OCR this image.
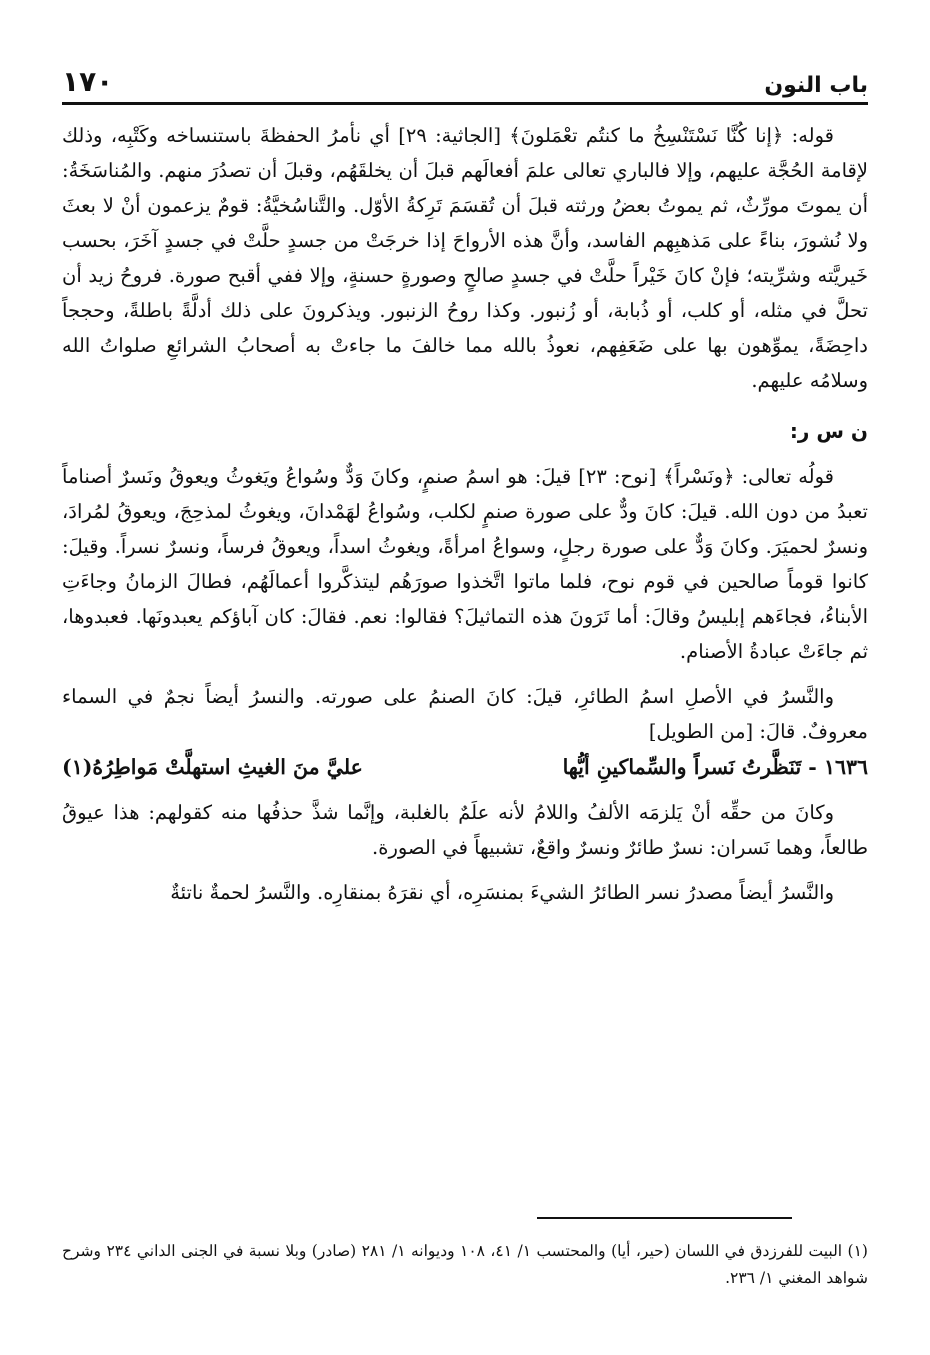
باب النون
١٧٠

قوله: ﴿إنا كُنَّا نَسْتَنْسِخُ ما كنتُم تعْمَلونَ﴾ [الجاثية: ٢٩] أي نأمرُ الحفظةَ باستنساخه وكَتْبِه، وذلك لإقامة الحُجَّة عليهم، وإلا فالباري تعالى علمَ أفعالَهم قبلَ أن يخلقَهُم، وقبلَ أن تصدُرَ منهم. والمُناسَخَةُ: أن يموتَ مورِّثٌ، ثم يموتُ بعضُ ورثته قبلَ أن تُقسَمَ تَرِكةُ الأوّل. والتَّناسُخيَّةُ: قومٌ يزعمون أنْ لا بعثَ ولا نُشورَ، بناءً على مَذهبِهم الفاسد، وأنَّ هذه الأرواحَ إذا خرجَتْ من جسدٍ حلَّتْ في جسدٍ آخَرَ، بحسب خَيريَّته وشرِّيته؛ فإنْ كانَ خَيْراً حلَّتْ في جسدٍ صالحٍ وصورةٍ حسنةٍ، وإلا ففي أقبح صورة. فروحُ زيد أن تحلَّ في مثله، أو كلب، أو ذُبابة، أو زُنبور. وكذا روحُ الزنبور. ويذكرونَ على ذلك أدلَّةً باطلةً، وحججاً داحِضَةً، يموِّهون بها على ضَعَفِهم، نعوذُ بالله مما خالفَ ما جاءتْ به أصحابُ الشرائعِ صلواتُ الله وسلامُه عليهم.

ن س ر:

قولُه تعالى: ﴿ونَسْراً﴾ [نوح: ٢٣] قيلَ: هو اسمُ صنمٍ، وكانَ وَدٌّ وسُواعُ ويَغوثُ ويعوقُ ونَسرٌ أصناماً تعبدُ من دون الله. قيلَ: كانَ ودٌّ على صورة صنمٍ لكلب، وسُواعُ لهَمْدانَ، ويغوثُ لمذحِجَ، ويعوقُ لمُرادَ، ونسرٌ لحميَرَ. وكانَ وَدٌّ على صورة رجلٍ، وسواعُ امرأةً، ويغوثُ اسداً، ويعوقُ فرساً، ونسرٌ نسراً. وقيلَ: كانوا قوماً صالحين في قوم نوح، فلما ماتوا اتَّخذوا صورَهُم ليتذكَّروا أعمالَهُم، فطالَ الزمانُ وجاءَتِ الأبناءُ، فجاءَهم إبليسُ وقالَ: أما تَرَونَ هذه التماثيلَ؟ فقالوا: نعم. فقالَ: كان آباؤكم يعبدونَها. فعبدوها، ثم جاءَتْ عبادةُ الأصنام.

والنَّسرُ في الأصلِ اسمُ الطائرِ، قيلَ: كانَ الصنمُ على صورته. والنسرُ أيضاً نجمٌ في السماء معروفٌ. قالَ: [من الطويل]

١٦٣٦ - تَنَظَّرتُ نَسراً والسِّماكينِ أيُّها
عليَّ منَ الغيثِ استهلَّتْ مَواطِرُهُ(١)

وكانَ من حقِّه أنْ يَلزمَه الألفُ واللامُ لأنه علَمٌ بالغلبة، وإنَّما شذَّ حذفُها منه كقولهم: هذا عيوقُ طالعاً، وهما نَسران: نسرٌ طائرٌ ونسرٌ واقعٌ، تشبيهاً في الصورة.

والنَّسرُ أيضاً مصدرُ نسر الطائرُ الشيءَ بمنسَرِه، أي نقرَهُ بمنقارِه. والنَّسرُ لحمةٌ ناتئةٌ

(١) البيت للفرزدق في اللسان (حير، أيا) والمحتسب ١/ ٤١، ١٠٨ وديوانه ١/ ٢٨١ (صادر) وبلا نسبة في الجنى الداني ٢٣٤ وشرح شواهد المغني ١/ ٢٣٦.
